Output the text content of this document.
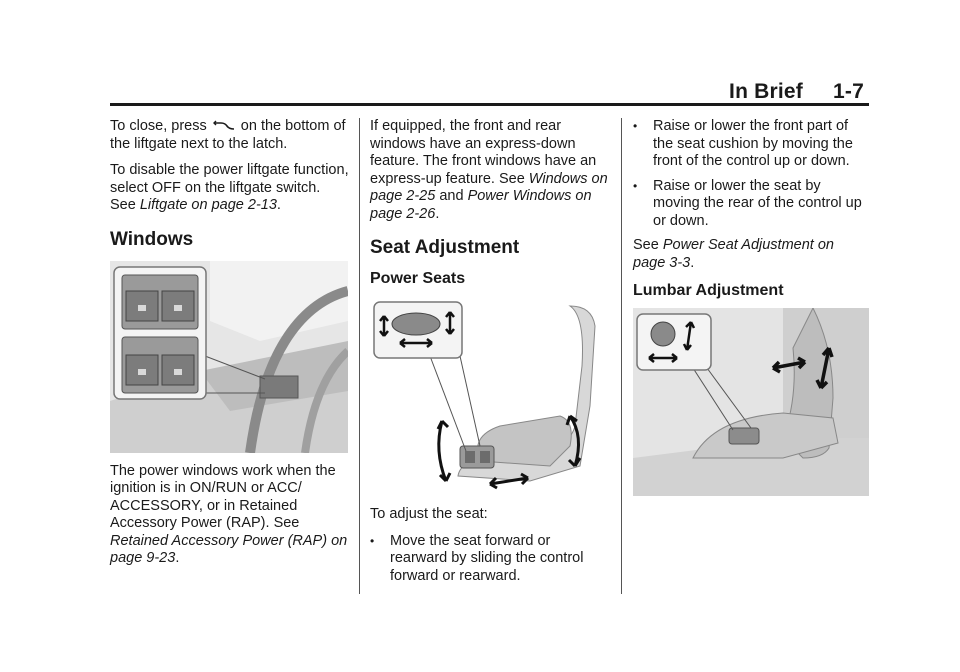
In Brief 1-7

To close, press on the bottom of the liftgate next to the latch.

To disable the power liftgate function, select OFF on the liftgate switch. See Liftgate on page 2-13.

Windows

The power windows work when the ignition is in ON/RUN or ACC/ ACCESSORY, or in Retained Accessory Power (RAP). See Retained Accessory Power (RAP) on page 9-23.

If equipped, the front and rear windows have an express-down feature. The front windows have an express-up feature. See Windows on page 2-25 and Power Windows on page 2-26.

Seat Adjustment
Power Seats

To adjust the seat:

•	Move the seat forward or rearward by sliding the control forward or rearward.
•	Raise or lower the front part of the seat cushion by moving the front of the control up or down.
•	Raise or lower the seat by moving the rear of the control up or down.

See Power Seat Adjustment on page 3-3.

Lumbar Adjustment
